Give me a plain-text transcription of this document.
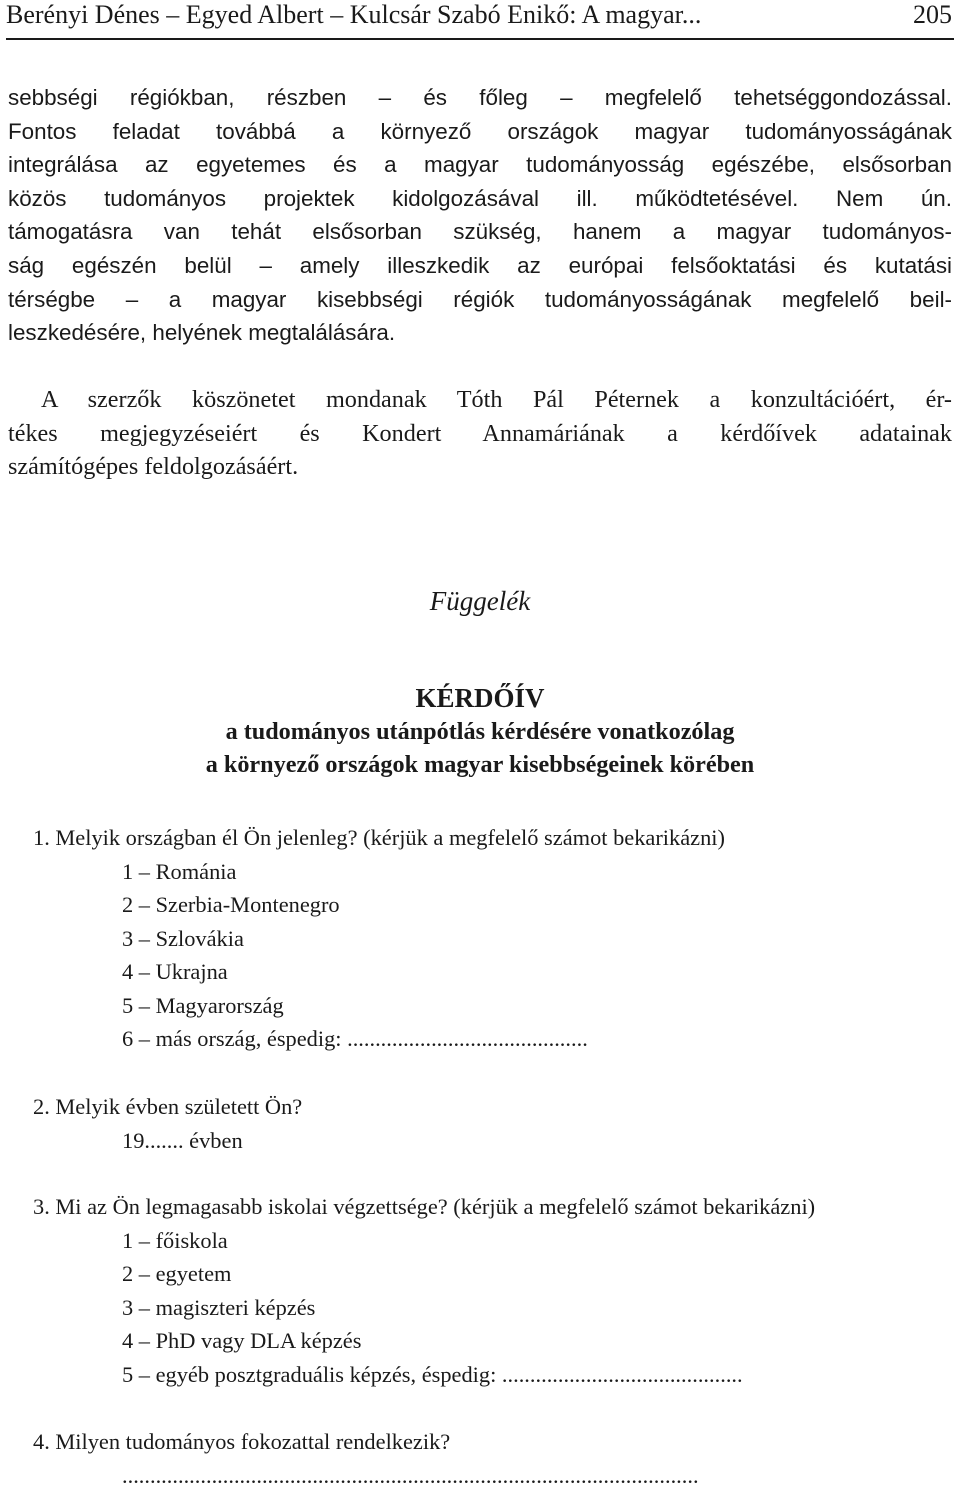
Berényi Dénes – Egyed Albert – Kulcsár Szabó Enikő: A magyar...	205
sebbségi régiókban, részben – és főleg – megfelelő tehetséggondozással.
Fontos feladat továbbá a környező országok magyar tudományosságának
integrálása az egyetemes és a magyar tudományosság egészébe, elsősorban
közös tudományos projektek kidolgozásával ill. működtetésével. Nem ún.
támogatásra van tehát elsősorban szükség, hanem a magyar tudományos-
ság egészén belül – amely illeszkedik az európai felsőoktatási és kutatási
térségbe – a magyar kisebbségi régiók tudományosságának megfelelő beil-
leszkedésére, helyének megtalálására.
A szerzők köszönetet mondanak Tóth Pál Péternek a konzultációért, ér-
tékes megjegyzéseiért és Kondert Annamáriának a kérdőívek adatainak
számítógépes feldolgozásáért.
Függelék
KÉRDŐÍV
a tudományos utánpótlás kérdésére vonatkozólag
a környező országok magyar kisebbségeinek körében
1. Melyik országban él Ön jelenleg? (kérjük a megfelelő számot bekarikázni)
1 – Románia
2 – Szerbia-Montenegro
3 – Szlovákia
4 – Ukrajna
5 – Magyarország
6 – más ország, éspedig: ...........................................
2. Melyik évben született Ön?
19....... évben
3. Mi az Ön legmagasabb iskolai végzettsége? (kérjük a megfelelő számot bekarikázni)
1 – főiskola
2 – egyetem
3 – magiszteri képzés
4 – PhD vagy DLA képzés
5 – egyéb posztgraduális képzés, éspedig: ...........................................
4. Milyen tudományos fokozattal rendelkezik?
.......................................................................................................
